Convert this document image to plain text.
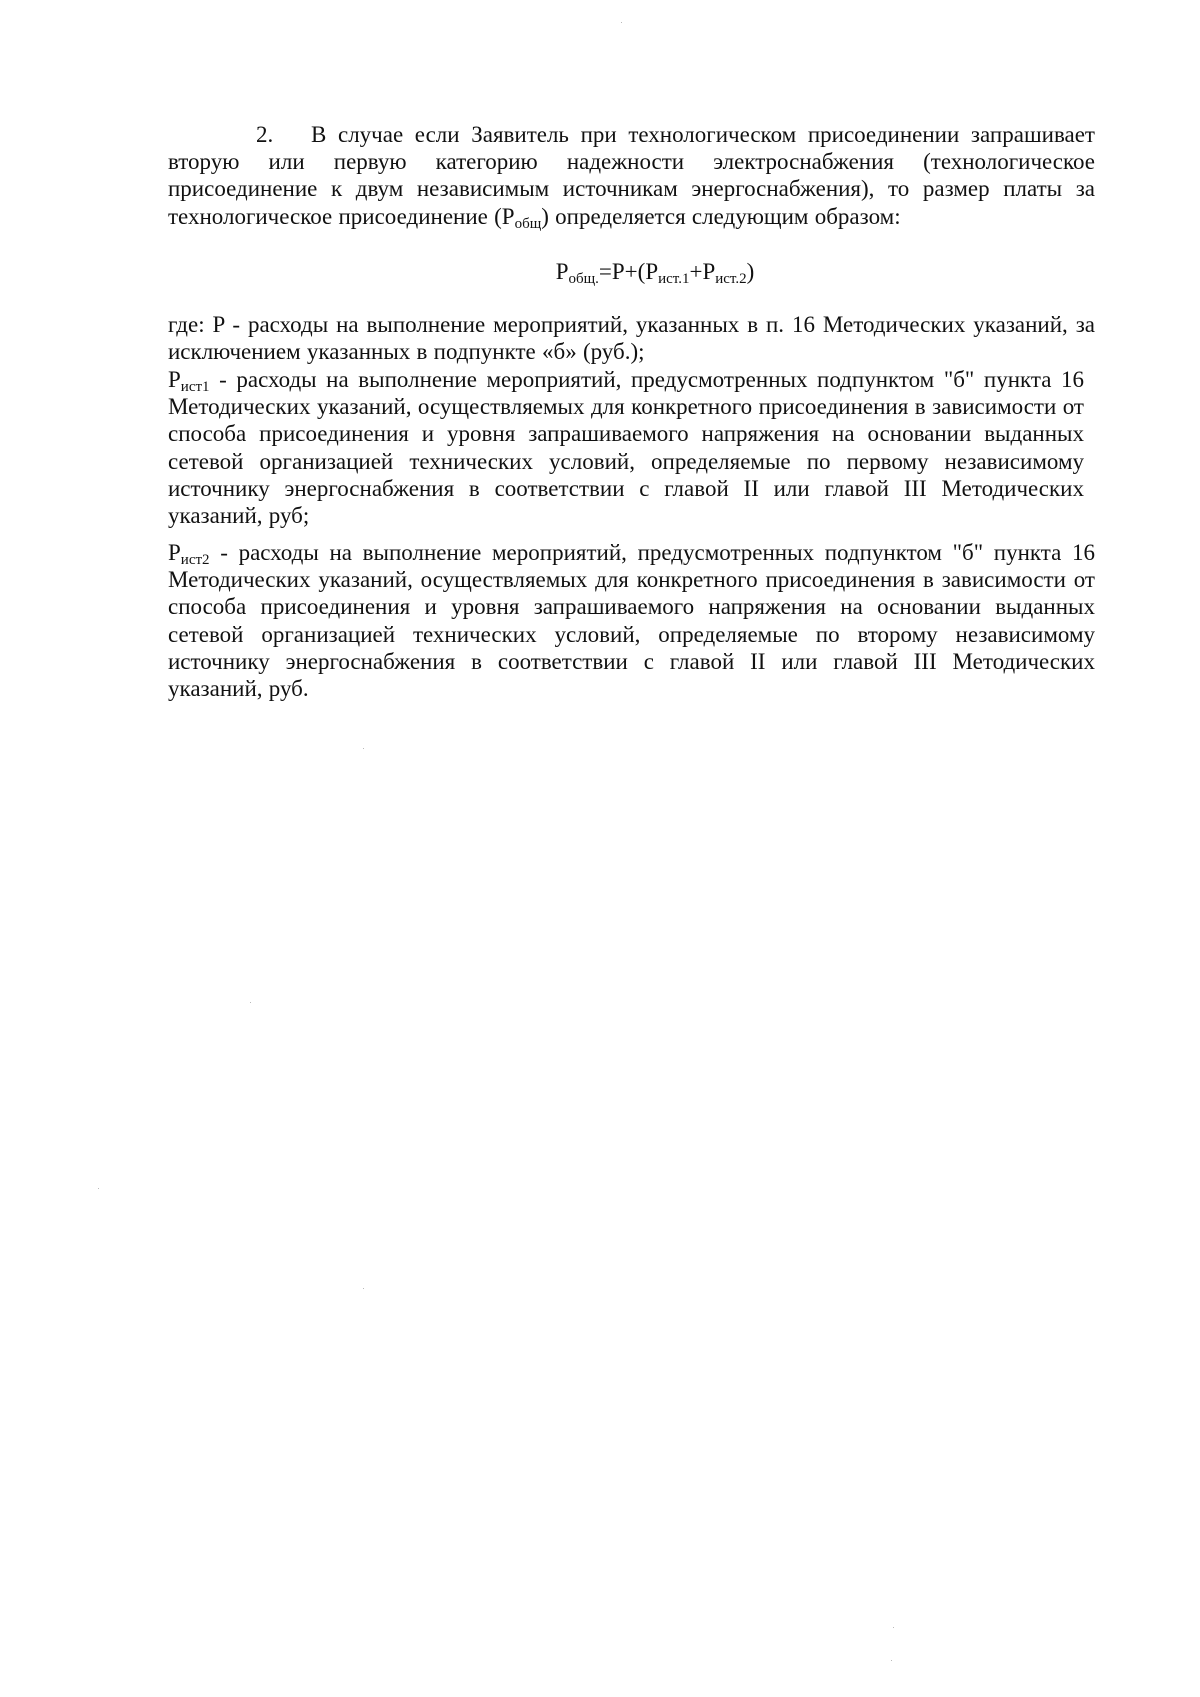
2. В случае если Заявитель при технологическом присоединении запрашивает вторую или первую категорию надежности электроснабжения (технологическое присоединение к двум независимым источникам энергоснабжения), то размер платы за технологическое присоединение $(P_{общ})$ определяется следующим образом:

$P_{общ.}=P+(P_{ист.1}+P_{ист.2})$

где: P - расходы на выполнение мероприятий, указанных в п. 16 Методических указаний, за исключением указанных в подпункте «б» (руб.);

$P_{ист1}$ - расходы на выполнение мероприятий, предусмотренных подпунктом "б" пункта 16 Методических указаний, осуществляемых для конкретного присоединения в зависимости от способа присоединения и уровня запрашиваемого напряжения на основании выданных сетевой организацией технических условий, определяемые по первому независимому источнику энергоснабжения в соответствии с главой II или главой III Методических указаний, руб;

$P_{ист2}$ - расходы на выполнение мероприятий, предусмотренных подпунктом "б" пункта 16 Методических указаний, осуществляемых для конкретного присоединения в зависимости от способа присоединения и уровня запрашиваемого напряжения на основании выданных сетевой организацией технических условий, определяемые по второму независимому источнику энергоснабжения в соответствии с главой II или главой III Методических указаний, руб.
